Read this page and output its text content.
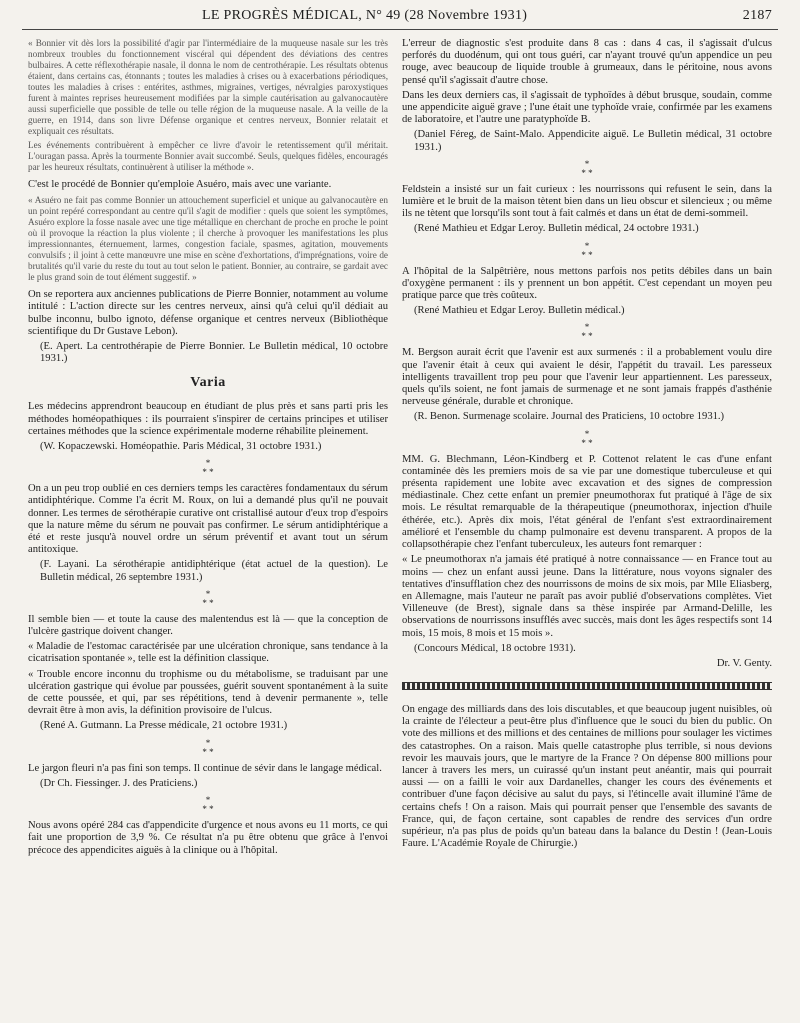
LE PROGRÈS MÉDICAL, N° 49 (28 Novembre 1931)	2187

« Bonnier vit dès lors la possibilité d'agir par l'intermédiaire de la muqueuse nasale sur les très nombreux troubles du fonctionnement viscéral qui dépendent des déviations des centres bulbaires. A cette réflexothérapie nasale, il donna le nom de centrothérapie. Les résultats obtenus étaient, dans certains cas, étonnants ; toutes les maladies à crises ou à exacerbations périodiques, toutes les maladies à crises : entérites, asthmes, migraines, vertiges, névralgies paroxystiques furent à maintes reprises heureusement modifiées par la simple cautérisation au galvanocautère aussi superficielle que possible de telle ou telle région de la muqueuse nasale. A la veille de la guerre, en 1914, dans son livre Défense organique et centres nerveux, Bonnier relatait et expliquait ces résultats.

Les événements contribuèrent à empêcher ce livre d'avoir le retentissement qu'il méritait. L'ouragan passa. Après la tourmente Bonnier avait succombé. Seuls, quelques fidèles, encouragés par les heureux résultats, continuèrent à utiliser la méthode ».

C'est le procédé de Bonnier qu'emploie Asuéro, mais avec une variante.

« Asuéro ne fait pas comme Bonnier un attouchement superficiel et unique au galvanocautère en un point repéré correspondant au centre qu'il s'agit de modifier : quels que soient les symptômes, Asuéro explore la fosse nasale avec une tige métallique en cherchant de proche en proche le point où il provoque la réaction la plus violente ; il cherche à provoquer les manifestations les plus impressionnantes, éternuement, larmes, congestion faciale, spasmes, agitation, mouvements convulsifs ; il joint à cette manœuvre une mise en scène d'exhortations, d'imprégnations, voire de brutalités qu'il varie du reste du tout au tout selon le patient. Bonnier, au contraire, se gardait avec le plus grand soin de tout élément suggestif. »

On se reportera aux anciennes publications de Pierre Bonnier, notamment au volume intitulé : L'action directe sur les centres nerveux, ainsi qu'à celui qu'il dédiait au bulbe inconnu, bulbo ignoto, défense organique et centres nerveux (Bibliothèque scientifique du Dr Gustave Lebon).

(E. Apert. La centrothérapie de Pierre Bonnier. Le Bulletin médical, 10 octobre 1931.)

Varia

Les médecins apprendront beaucoup en étudiant de plus près et sans parti pris les méthodes homéopathiques : ils pourraient s'inspirer de certains principes et utiliser certaines méthodes que la science expérimentale moderne réhabilite pleinement.

(W. Kopaczewski. Homéopathie. Paris Médical, 31 octobre 1931.)

*
* *

On a un peu trop oublié en ces derniers temps les caractères fondamentaux du sérum antidiphtérique. Comme l'a écrit M. Roux, on lui a demandé plus qu'il ne pouvait donner. Les termes de sérothérapie curative ont cristallisé autour d'eux trop d'espoirs que la nature même du sérum ne pouvait pas confirmer. Le sérum antidiphtérique a été et reste jusqu'à nouvel ordre un sérum préventif et avant tout un sérum antitoxique.

(F. Layani. La sérothérapie antidiphtérique (état actuel de la question). Le Bulletin médical, 26 septembre 1931.)

*
* *

Il semble bien — et toute la cause des malentendus est là — que la conception de l'ulcère gastrique doivent changer.

« Maladie de l'estomac caractérisée par une ulcération chronique, sans tendance à la cicatrisation spontanée », telle est la définition classique.

« Trouble encore inconnu du trophisme ou du métabolisme, se traduisant par une ulcération gastrique qui évolue par poussées, guérit souvent spontanément à la suite de cette poussée, et qui, par ses répétitions, tend à devenir permanente », telle devrait être à mon avis, la définition provisoire de l'ulcus.

(René A. Gutmann. La Presse médicale, 21 octobre 1931.)

*
* *

Le jargon fleuri n'a pas fini son temps. Il continue de sévir dans le langage médical.

(Dr Ch. Fiessinger. J. des Praticiens.)

*
* *

Nous avons opéré 284 cas d'appendicite d'urgence et nous avons eu 11 morts, ce qui fait une proportion de 3,9 %. Ce résultat n'a pu être obtenu que grâce à l'envoi précoce des appendicites aiguës à la clinique ou à l'hôpital.

L'erreur de diagnostic s'est produite dans 8 cas : dans 4 cas, il s'agissait d'ulcus perforés du duodénum, qui ont tous guéri, car n'ayant trouvé qu'un appendice un peu rouge, avec beaucoup de liquide trouble à grumeaux, dans le péritoine, nous avons pensé qu'il s'agissait d'autre chose.

Dans les deux derniers cas, il s'agissait de typhoïdes à début brusque, soudain, comme une appendicite aiguë grave ; l'une était une typhoïde vraie, confirmée par les examens de laboratoire, et l'autre une paratyphoïde B.

(Daniel Féreg, de Saint-Malo. Appendicite aiguë. Le Bulletin médical, 31 octobre 1931.)

*
* *

Feldstein a insisté sur un fait curieux : les nourrissons qui refusent le sein, dans la lumière et le bruit de la maison tètent bien dans un lieu obscur et silencieux ; ou même ils ne tètent que lorsqu'ils sont tout à fait calmés et dans un état de demi-sommeil.

(René Mathieu et Edgar Leroy. Bulletin médical, 24 octobre 1931.)

*
* *

A l'hôpital de la Salpêtrière, nous mettons parfois nos petits débiles dans un bain d'oxygène permanent : ils y prennent un bon appétit. C'est cependant un moyen peu pratique parce que très coûteux.

(René Mathieu et Edgar Leroy. Bulletin médical.)

*
* *

M. Bergson aurait écrit que l'avenir est aux surmenés : il a probablement voulu dire que l'avenir était à ceux qui avaient le désir, l'appétit du travail. Les paresseux intelligents travaillent trop peu pour que l'avenir leur appartiennent. Les paresseux, quels qu'ils soient, ne font jamais de surmenage et ne sont jamais frappés d'asthénie nerveuse générale, durable et chronique.

(R. Benon. Surmenage scolaire. Journal des Praticiens, 10 octobre 1931.)

*
* *

MM. G. Blechmann, Léon-Kindberg et P. Cottenot relatent le cas d'une enfant contaminée dès les premiers mois de sa vie par une domestique tuberculeuse et qui présenta rapidement une lobite avec excavation et des signes de compression médiastinale. Chez cette enfant un premier pneumothorax fut pratiqué à l'âge de six mois. Le résultat remarquable de la thérapeutique (pneumothorax, injection d'huile éthérée, etc.). Après dix mois, l'état général de l'enfant s'est extraordinairement amélioré et l'ensemble du champ pulmonaire est devenu transparent. A propos de la collapsothérapie chez l'enfant tuberculeux, les auteurs font remarquer :

« Le pneumothorax n'a jamais été pratiqué à notre connaissance — en France tout au moins — chez un enfant aussi jeune. Dans la littérature, nous voyons signaler des tentatives d'insufflation chez des nourrissons de moins de six mois, par Mlle Eliasberg, en Allemagne, mais l'auteur ne paraît pas avoir publié d'observations complètes. Viet Villeneuve (de Brest), signale dans sa thèse inspirée par Armand-Delille, les observations de nourrissons insufflés avec succès, mais dont les âges respectifs sont 14 mois, 15 mois, 8 mois et 15 mois ».

(Concours Médical, 18 octobre 1931).

Dr. V. Genty.

On engage des milliards dans des lois discutables, et que beaucoup jugent nuisibles, où la crainte de l'électeur a peut-être plus d'influence que le souci du bien du public. On vote des millions et des millions et des centaines de millions pour soulager les victimes des catastrophes. On a raison. Mais quelle catastrophe plus terrible, si nous devions revoir les mauvais jours, que le martyre de la France ? On dépense 800 millions pour lancer à travers les mers, un cuirassé qu'un instant peut anéantir, mais qui pourrait aussi — on a failli le voir aux Dardanelles, changer les cours des événements et contribuer d'une façon décisive au salut du pays, si l'étincelle avait illuminé l'âme de certains chefs ! On a raison. Mais qui pourrait penser que l'ensemble des savants de France, qui, de façon certaine, sont capables de rendre des services d'un ordre supérieur, n'a pas plus de poids qu'un bateau dans la balance du Destin ! (Jean-Louis Faure. L'Académie Royale de Chirurgie.)
